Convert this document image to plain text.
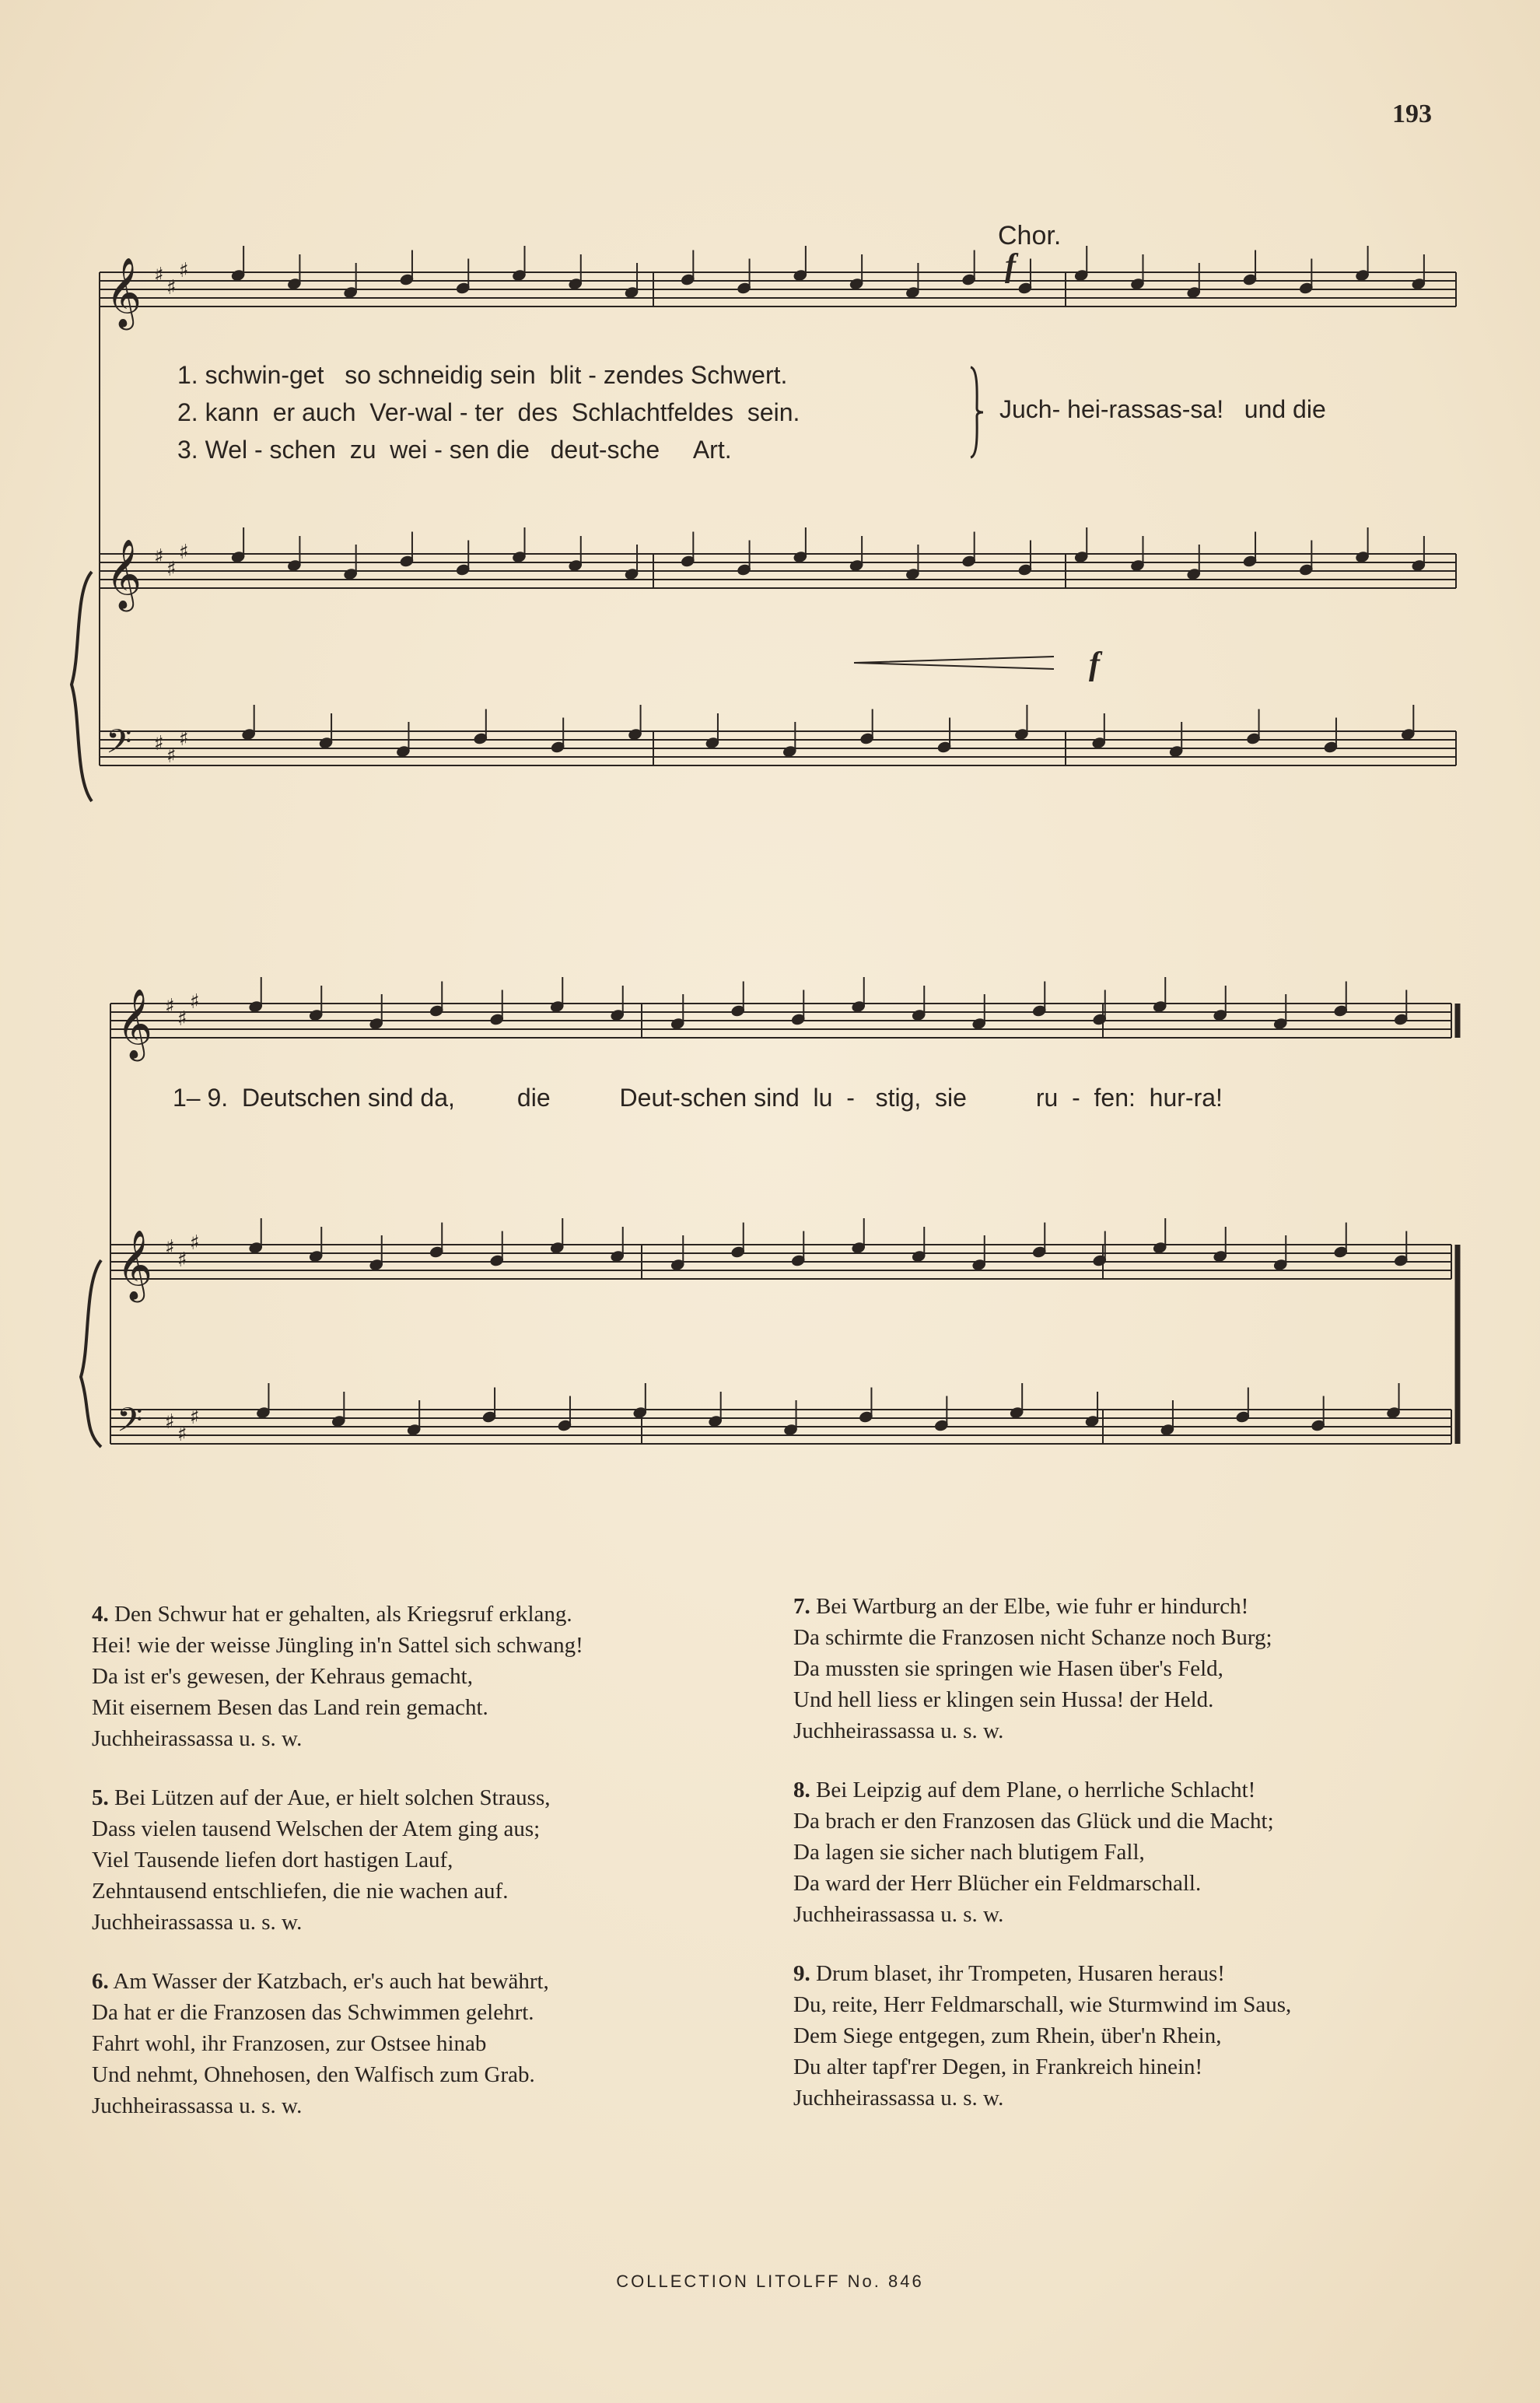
193
𝄞 ♯
♯
♯
𝄞 ♯
♯
♯
𝄢 ♯
♯
♯
𝄞 ♯
♯
♯
𝄞 ♯
♯
♯
𝄢 ♯
♯
♯
Chor.
f
f
1. schwin-get   so schneidig sein  blit - zendes Schwert.
2. kann  er auch  Ver-wal - ter  des  Schlachtfeldes  sein.
3. Wel - schen  zu  wei - sen die   deut-sche     Art.
Juch- hei-rassas-sa!   und die
1– 9.  Deutschen sind da,         die          Deut-schen sind  lu  -   stig,  sie          ru  -  fen:  hur-ra!
4. Den Schwur hat er gehalten, als Kriegsruf erklang.
Hei! wie der weisse Jüngling in'n Sattel sich schwang!
Da ist er's gewesen, der Kehraus gemacht,
Mit eisernem Besen das Land rein gemacht.
Juchheirassassa u. s. w.
5. Bei Lützen auf der Aue, er hielt solchen Strauss,
Dass vielen tausend Welschen der Atem ging aus;
Viel Tausende liefen dort hastigen Lauf,
Zehntausend entschliefen, die nie wachen auf.
Juchheirassassa u. s. w.
6. Am Wasser der Katzbach, er's auch hat bewährt,
Da hat er die Franzosen das Schwimmen gelehrt.
Fahrt wohl, ihr Franzosen, zur Ostsee hinab
Und nehmt, Ohnehosen, den Walfisch zum Grab.
Juchheirassassa u. s. w.
7. Bei Wartburg an der Elbe, wie fuhr er hindurch!
Da schirmte die Franzosen nicht Schanze noch Burg;
Da mussten sie springen wie Hasen über's Feld,
Und hell liess er klingen sein Hussa! der Held.
Juchheirassassa u. s. w.
8. Bei Leipzig auf dem Plane, o herrliche Schlacht!
Da brach er den Franzosen das Glück und die Macht;
Da lagen sie sicher nach blutigem Fall,
Da ward der Herr Blücher ein Feldmarschall.
Juchheirassassa u. s. w.
9. Drum blaset, ihr Trompeten, Husaren heraus!
Du, reite, Herr Feldmarschall, wie Sturmwind im Saus,
Dem Siege entgegen, zum Rhein, über'n Rhein,
Du alter tapf'rer Degen, in Frankreich hinein!
Juchheirassassa u. s. w.
COLLECTION LITOLFF No. 846
